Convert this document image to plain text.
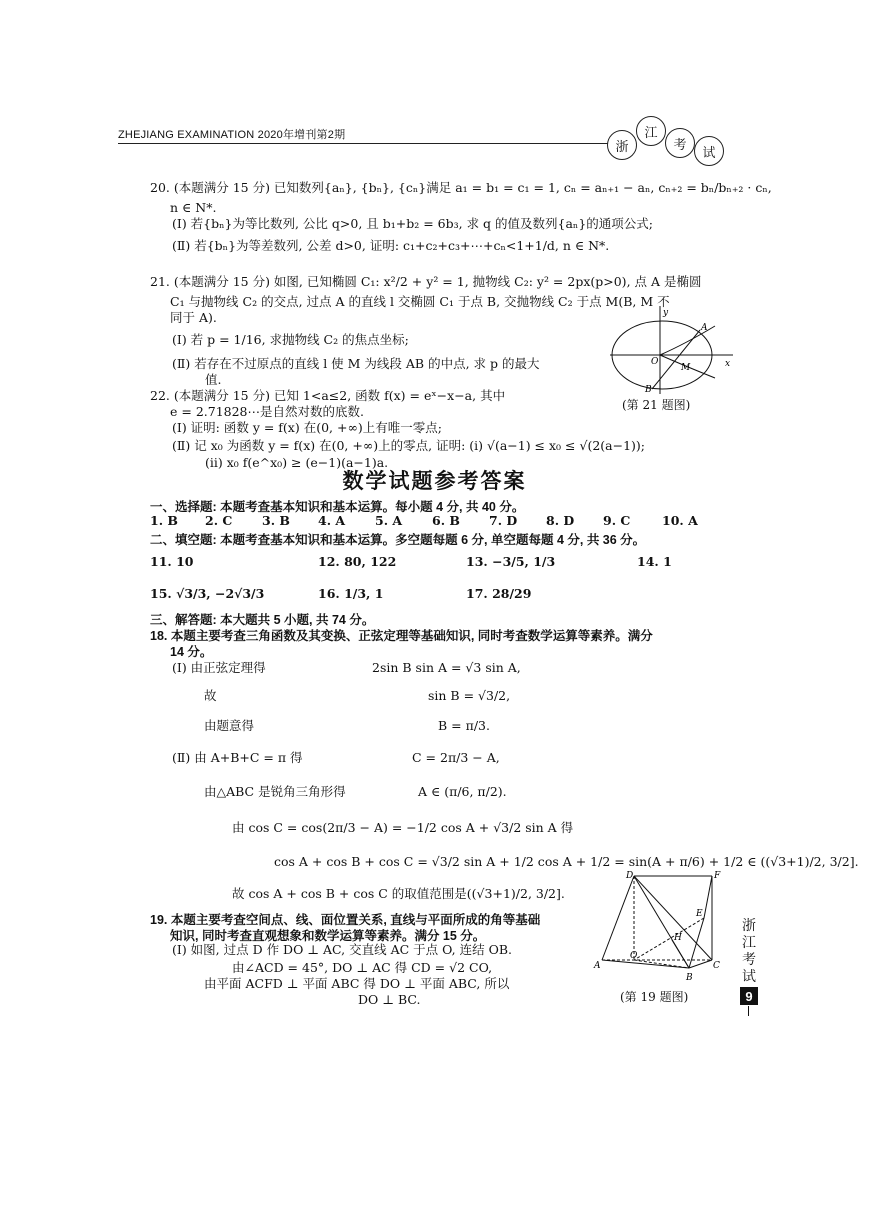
ZHEJIANG EXAMINATION 2020年增刊第2期
浙
江
考
试
20. (本题满分 15 分) 已知数列{aₙ}, {bₙ}, {cₙ}满足 a₁ = b₁ = c₁ = 1, cₙ = aₙ₊₁ − aₙ, cₙ₊₂ = bₙ/bₙ₊₂ · cₙ,
n ∈ N*.
(Ⅰ) 若{bₙ}为等比数列, 公比 q>0, 且 b₁+b₂ = 6b₃, 求 q 的值及数列{aₙ}的通项公式;
(Ⅱ) 若{bₙ}为等差数列, 公差 d>0, 证明: c₁+c₂+c₃+⋯+cₙ<1+1/d, n ∈ N*.
21. (本题满分 15 分) 如图, 已知椭圆 C₁: x²/2 + y² = 1, 抛物线 C₂: y² = 2px(p>0), 点 A 是椭圆
C₁ 与抛物线 C₂ 的交点, 过点 A 的直线 l 交椭圆 C₁ 于点 B, 交抛物线 C₂ 于点 M(B, M 不
同于 A).
(Ⅰ) 若 p = 1/16, 求抛物线 C₂ 的焦点坐标;
(Ⅱ) 若存在不过原点的直线 l 使 M 为线段 AB 的中点, 求 p 的最大
值.
y
x
A
B
O
M
(第 21 题图)
22. (本题满分 15 分) 已知 1<a≤2, 函数 f(x) = eˣ−x−a, 其中
e = 2.71828⋯是自然对数的底数.
(Ⅰ) 证明: 函数 y = f(x) 在(0, +∞)上有唯一零点;
(Ⅱ) 记 x₀ 为函数 y = f(x) 在(0, +∞)上的零点, 证明: (ⅰ) √(a−1) ≤ x₀ ≤ √(2(a−1));
(ⅱ) x₀ f(e^x₀) ≥ (e−1)(a−1)a.
数学试题参考答案
一、选择题: 本题考查基本知识和基本运算。每小题 4 分, 共 40 分。
1. B 2. C 3. B 4. A 5. A 6. B 7. D 8. D 9. C	10. A
二、填空题: 本题考查基本知识和基本运算。多空题每题 6 分, 单空题每题 4 分, 共 36 分。
11. 10	12. 80, 122	13. −3/5, 1/3	14. 1
15. √3/3, −2√3/3	16. 1/3, 1	17. 28/29
三、解答题: 本大题共 5 小题, 共 74 分。
18. 本题主要考查三角函数及其变换、正弦定理等基础知识, 同时考查数学运算等素养。满分
14 分。
(Ⅰ) 由正弦定理得	2sin B sin A = √3 sin A,
故	sin B = √3/2,
由题意得	B = π/3.
(Ⅱ) 由 A+B+C = π 得	C = 2π/3 − A,
由△ABC 是锐角三角形得	A ∈ (π/6, π/2).
由 cos C = cos(2π/3 − A) = −1/2 cos A + √3/2 sin A 得
cos A + cos B + cos C = √3/2 sin A + 1/2 cos A + 1/2 = sin(A + π/6) + 1/2 ∈ ((√3+1)/2, 3/2].
故 cos A + cos B + cos C 的取值范围是((√3+1)/2, 3/2].
19. 本题主要考查空间点、线、面位置关系, 直线与平面所成的角等基础
知识, 同时考查直观想象和数学运算等素养。满分 15 分。
(Ⅰ) 如图, 过点 D 作 DO ⊥ AC, 交直线 AC 于点 O, 连结 OB.
由∠ACD = 45°, DO ⊥ AC 得 CD = √2 CO,
由平面 ACFD ⊥ 平面 ABC 得 DO ⊥ 平面 ABC, 所以
DO ⊥ BC.
D	F
E
H
A
O
B
C
(第 19 题图)
浙江考试
9
